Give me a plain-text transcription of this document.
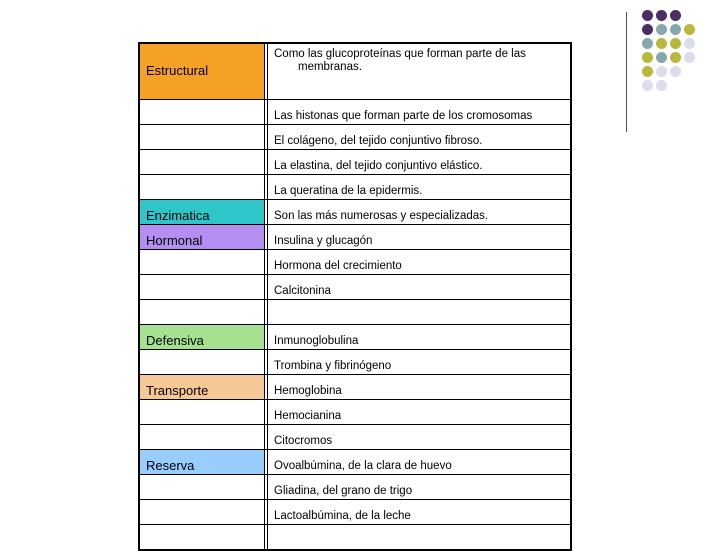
Estructural		Como las glucoproteínas que forman parte de las
membranas.

		Las histonas que forman parte de los cromosomas
		El colágeno, del tejido conjuntivo fibroso.
		La elastina, del tejido conjuntivo elástico.
		La queratina de la epidermis.
Enzimatica		Son las más numerosas y especializadas.
Hormonal		Insulina y glucagón
		Hormona del crecimiento
		Calcitonina

Defensiva		Inmunoglobulina
		Trombina y fibrinógeno
Transporte		Hemoglobina
		Hemocianina
		Citocromos
Reserva		Ovoalbúmina, de la clara de huevo
		Gliadina, del grano de trigo
		Lactoalbúmina, de la leche
